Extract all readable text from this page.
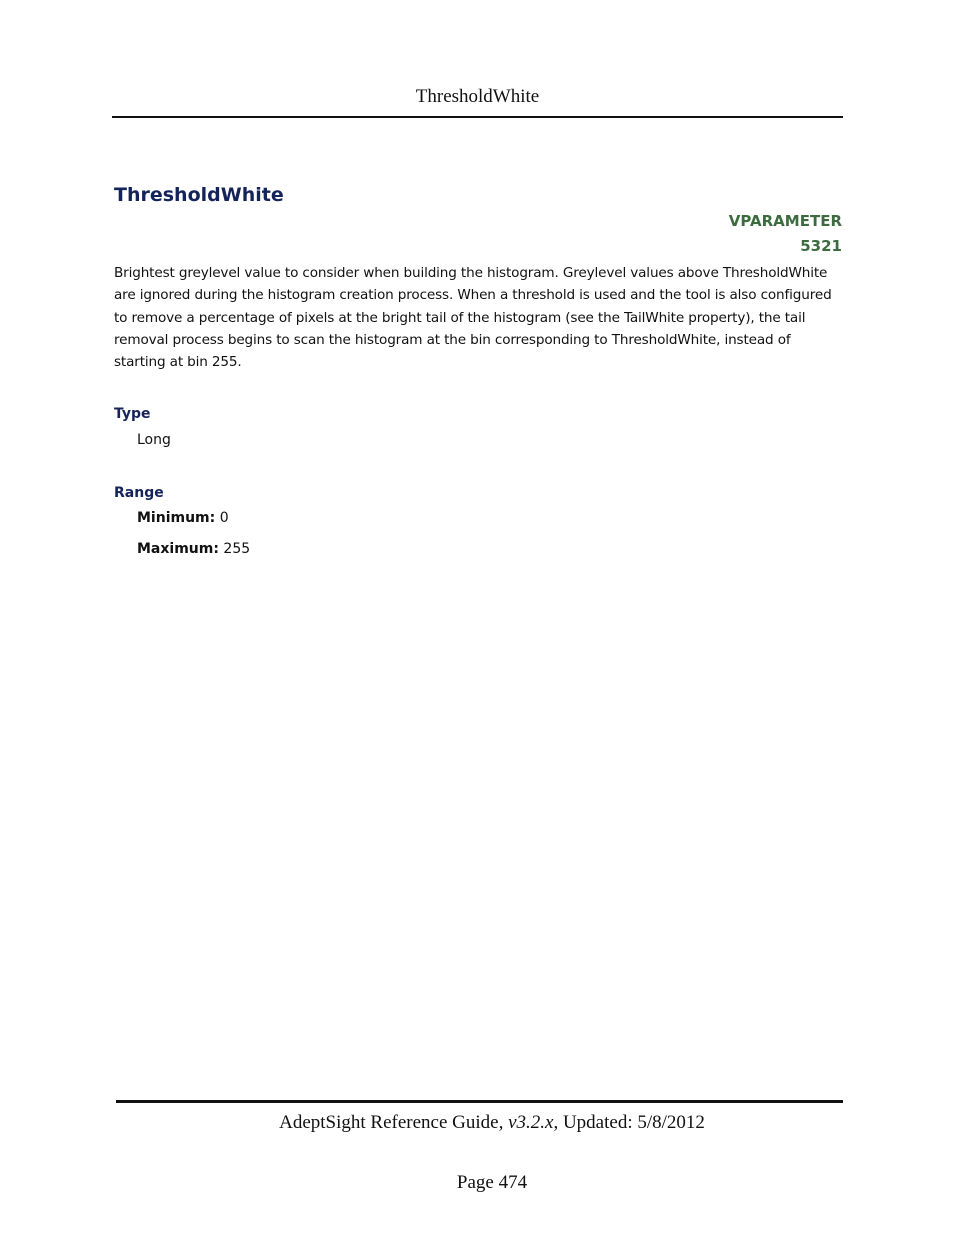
ThresholdWhite
ThresholdWhite
VPARAMETER
5321
Brightest greylevel value to consider when building the histogram. Greylevel values above ThresholdWhite are ignored during the histogram creation process. When a threshold is used and the tool is also configured to remove a percentage of pixels at the bright tail of the histogram (see the TailWhite property), the tail removal process begins to scan the histogram at the bin corresponding to ThresholdWhite, instead of starting at bin 255.
Type
Long
Range
Minimum: 0
Maximum: 255
AdeptSight Reference Guide, v3.2.x, Updated: 5/8/2012
Page 474
